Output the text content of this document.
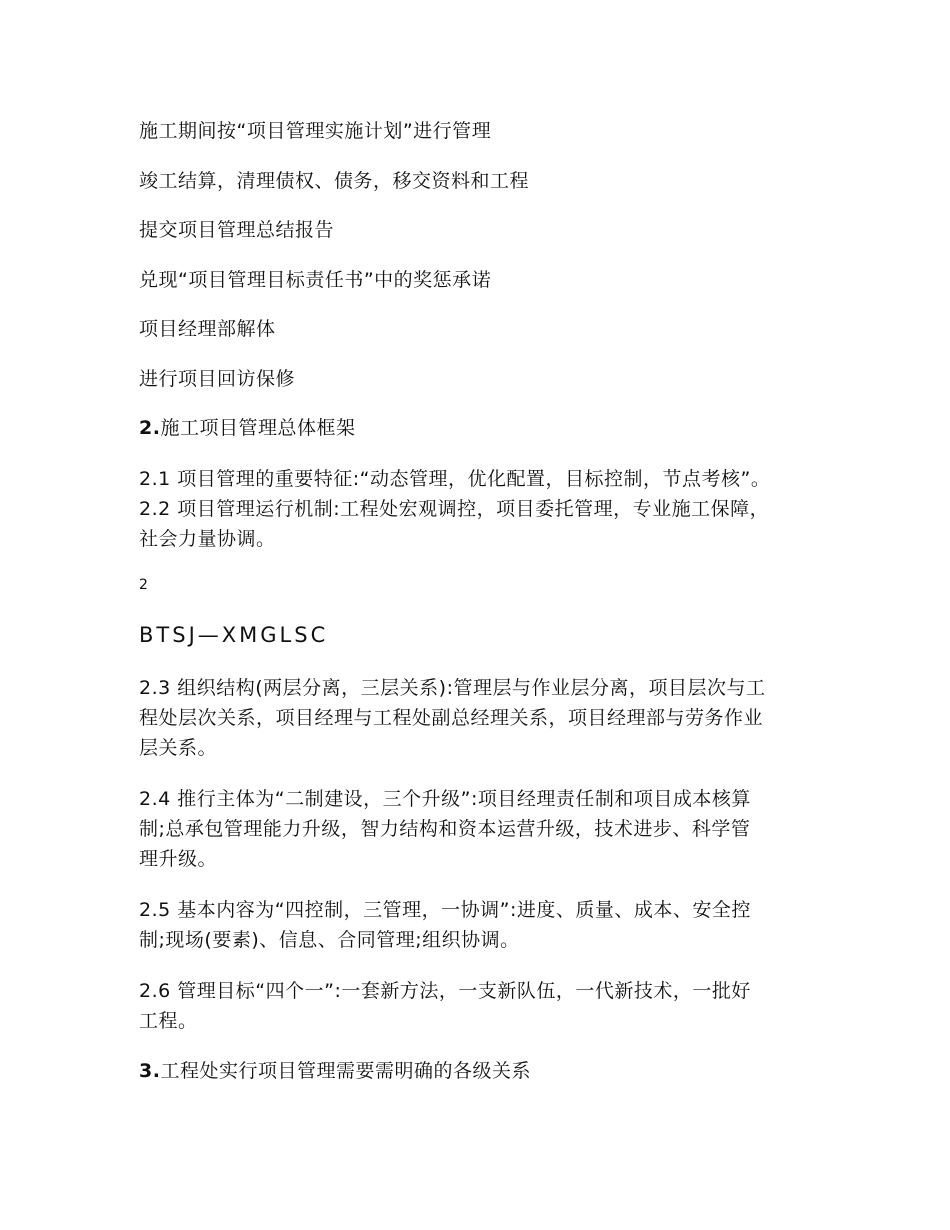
施工期间按“项目管理实施计划”进行管理
竣工结算，清理债权、债务，移交资料和工程
提交项目管理总结报告
兑现“项目管理目标责任书”中的奖惩承诺
项目经理部解体
进行项目回访保修
2.施工项目管理总体框架
2.1 项目管理的重要特征:“动态管理，优化配置，目标控制，节点考核”。
2.2 项目管理运行机制:工程处宏观调控，项目委托管理，专业施工保障，
社会力量协调。
2
BTSJ—XMGLSC
2.3 组织结构(两层分离，三层关系):管理层与作业层分离，项目层次与工
程处层次关系，项目经理与工程处副总经理关系，项目经理部与劳务作业
层关系。
2.4 推行主体为“二制建设，三个升级”:项目经理责任制和项目成本核算
制;总承包管理能力升级，智力结构和资本运营升级，技术进步、科学管
理升级。
2.5 基本内容为“四控制，三管理，一协调”:进度、质量、成本、安全控
制;现场(要素)、信息、合同管理;组织协调。
2.6 管理目标“四个一”:一套新方法，一支新队伍，一代新技术，一批好
工程。
3.工程处实行项目管理需要需明确的各级关系
